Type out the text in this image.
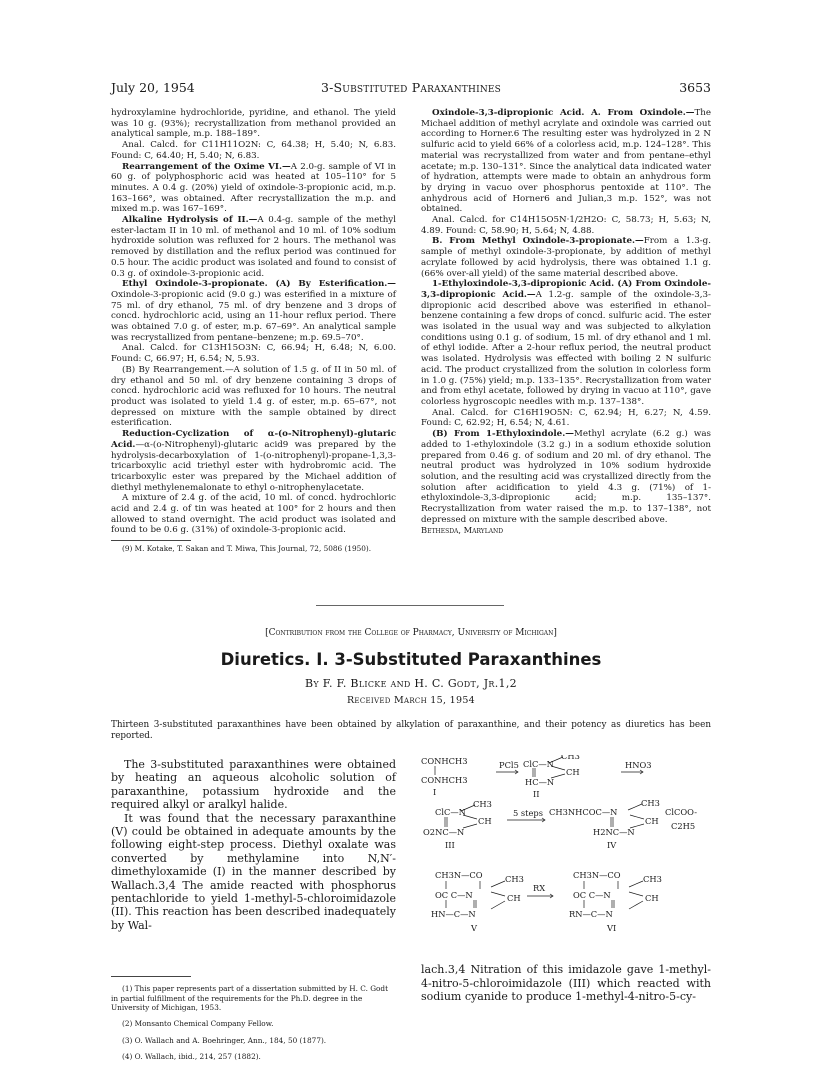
July 20, 1954	3-Substituted Paraxanthines	3653

hydroxylamine hydrochloride, pyridine, and ethanol. The yield was 10 g. (93%); recrystallization from methanol provided an analytical sample, m.p. 188–189°.

Anal. Calcd. for C11H11O2N: C, 64.38; H, 5.40; N, 6.83. Found: C, 64.40; H, 5.40; N, 6.83.

Rearrangement of the Oxime VI.—A 2.0-g. sample of VI in 60 g. of polyphosphoric acid was heated at 105–110° for 5 minutes. A 0.4 g. (20%) yield of oxindole-3-propionic acid, m.p. 163–166°, was obtained. After recrystallization the m.p. and mixed m.p. was 167–169°.

Alkaline Hydrolysis of II.—A 0.4-g. sample of the methyl ester-lactam II in 10 ml. of methanol and 10 ml. of 10% sodium hydroxide solution was refluxed for 2 hours. The methanol was removed by distillation and the reflux period was continued for 0.5 hour. The acidic product was isolated and found to consist of 0.3 g. of oxindole-3-propionic acid.

Ethyl Oxindole-3-propionate. (A) By Esterification.—Oxindole-3-propionic acid (9.0 g.) was esterified in a mixture of 75 ml. of dry ethanol, 75 ml. of dry benzene and 3 drops of concd. hydrochloric acid, using an 11-hour reflux period. There was obtained 7.0 g. of ester, m.p. 67–69°. An analytical sample was recrystallized from pentane–benzene; m.p. 69.5–70°.

Anal. Calcd. for C13H15O3N: C, 66.94; H, 6.48; N, 6.00. Found: C, 66.97; H, 6.54; N, 5.93.

(B) By Rearrangement.—A solution of 1.5 g. of II in 50 ml. of dry ethanol and 50 ml. of dry benzene containing 3 drops of concd. hydrochloric acid was refluxed for 10 hours. The neutral product was isolated to yield 1.4 g. of ester, m.p. 65–67°, not depressed on mixture with the sample obtained by direct esterification.

Reduction-Cyclization of α-(o-Nitrophenyl)-glutaric Acid.—α-(o-Nitrophenyl)-glutaric acid9 was prepared by the hydrolysis-decarboxylation of 1-(o-nitrophenyl)-propane-1,3,3-tricarboxylic acid triethyl ester with hydrobromic acid. The tricarboxylic ester was prepared by the Michael addition of diethyl methylenemalonate to ethyl o-nitrophenylacetate.

A mixture of 2.4 g. of the acid, 10 ml. of concd. hydrochloric acid and 2.4 g. of tin was heated at 100° for 2 hours and then allowed to stand overnight. The acid product was isolated and found to be 0.6 g. (31%) of oxindole-3-propionic acid.

(9) M. Kotake, T. Sakan and T. Miwa, This Journal, 72, 5086 (1950).

Oxindole-3,3-dipropionic Acid. A. From Oxindole.—The Michael addition of methyl acrylate and oxindole was carried out according to Horner.6 The resulting ester was hydrolyzed in 2 N sulfuric acid to yield 66% of a colorless acid, m.p. 124–128°. This material was recrystallized from water and from pentane–ethyl acetate; m.p. 130–131°. Since the analytical data indicated water of hydration, attempts were made to obtain an anhydrous form by drying in vacuo over phosphorus pentoxide at 110°. The anhydrous acid of Horner6 and Julian,3 m.p. 152°, was not obtained.

Anal. Calcd. for C14H15O5N·1/2H2O: C, 58.73; H, 5.63; N, 4.89. Found: C, 58.90; H, 5.64; N, 4.88.

B. From Methyl Oxindole-3-propionate.—From a 1.3-g. sample of methyl oxindole-3-propionate, by addition of methyl acrylate followed by acid hydrolysis, there was obtained 1.1 g. (66% over-all yield) of the same material described above.

1-Ethyloxindole-3,3-dipropionic Acid. (A) From Oxindole-3,3-dipropionic Acid.—A 1.2-g. sample of the oxindole-3,3-dipropionic acid described above was esterified in ethanol–benzene containing a few drops of concd. sulfuric acid. The ester was isolated in the usual way and was subjected to alkylation conditions using 0.1 g. of sodium, 15 ml. of dry ethanol and 1 ml. of ethyl iodide. After a 2-hour reflux period, the neutral product was isolated. Hydrolysis was effected with boiling 2 N sulfuric acid. The product crystallized from the solution in colorless form in 1.0 g. (75%) yield; m.p. 133–135°. Recrystallization from water and from ethyl acetate, followed by drying in vacuo at 110°, gave colorless hygroscopic needles with m.p. 137–138°.

Anal. Calcd. for C16H19O5N: C, 62.94; H, 6.27; N, 4.59. Found: C, 62.92; H, 6.54; N, 4.61.

(B) From 1-Ethyloxindole.—Methyl acrylate (6.2 g.) was added to 1-ethyloxindole (3.2 g.) in a sodium ethoxide solution prepared from 0.46 g. of sodium and 20 ml. of dry ethanol. The neutral product was hydrolyzed in 10% sodium hydroxide solution, and the resulting acid was crystallized directly from the solution after acidification to yield 4.3 g. (71%) of 1-ethyloxindole-3,3-dipropionic acid; m.p. 135–137°. Recrystallization from water raised the m.p. to 137–138°, not depressed on mixture with the sample described above.

Bethesda, Maryland

[Contribution from the College of Pharmacy, University of Michigan]
Diuretics. I. 3-Substituted Paraxanthines
By F. F. Blicke and H. C. Godt, Jr.1,2
Received March 15, 1954
Thirteen 3-substituted paraxanthines have been obtained by alkylation of paraxanthine, and their potency as diuretics has been reported.

The 3-substituted paraxanthines were obtained by heating an aqueous alcoholic solution of paraxanthine, potassium hydroxide and the required alkyl or aralkyl halide.

It was found that the necessary paraxanthine (V) could be obtained in adequate amounts by the following eight-step process. Diethyl oxalate was converted by methylamine into N,N′-dimethyloxamide (I) in the manner described by Wallach.3,4 The amide reacted with phosphorus pentachloride to yield 1-methyl-5-chloroimidazole (II). This reaction has been described inadequately by Wal-

(1) This paper represents part of a dissertation submitted by H. C. Godt in partial fulfillment of the requirements for the Ph.D. degree in the University of Michigan, 1953.

(2) Monsanto Chemical Company Fellow.

(3) O. Wallach and A. Boehringer, Ann., 184, 50 (1877).

(4) O. Wallach, ibid., 214, 257 (1882).

CONHCH3
CONHCH3
I
PCl5 ClC—N
CH3
CH
HC—N
II
HNO3
ClC—N
CH3
CH
O2NC—N
III
5 steps CH3NHCOC—N
CH3
CH
H2NC—N
IV
ClCOO-
C2H5
CH3N—CO	CH3
OC C—N	CH
HN—C—N
V
RX
CH3N—CO	CH3
OC C—N	CH
RN—C—N
VI

lach.3,4 Nitration of this imidazole gave 1-methyl-4-nitro-5-chloroimidazole (III) which reacted with sodium cyanide to produce 1-methyl-4-nitro-5-cy-
